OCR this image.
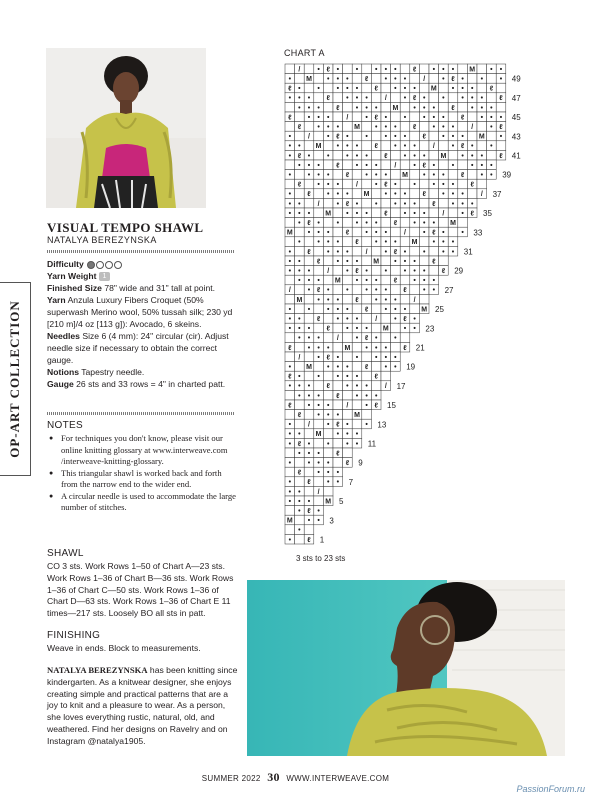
OP-ART COLLECTION
VISUAL TEMPO SHAWL
NATALYA BEREZYNSKA
Difficulty
Yarn Weight 1
Finished Size 78" wide and 31" tall at point.
Yarn Anzula Luxury Fibers Croquet (50% superwash Merino wool, 50% tussah silk; 230 yd [210 m]/4 oz [113 g]): Avocado, 6 skeins.
Needles Size 6 (4 mm): 24" circular (cir). Adjust needle size if necessary to obtain the correct gauge.
Notions Tapestry needle.
Gauge 26 sts and 33 rows = 4" in charted patt.
NOTES
● For techniques you don't know, please visit our online knitting glossary at www.interweave.com /interweave-knitting-glossary.
● This triangular shawl is worked back and forth from the narrow end to the wider end.
● A circular needle is used to accommodate the large number of stitches.
SHAWL
CO 3 sts. Work Rows 1–50 of Chart A—23 sts. Work Rows 1–36 of Chart B—36 sts. Work Rows 1–36 of Chart C—50 sts. Work Rows 1–36 of Chart D—63 sts. Work Rows 1–36 of Chart E 11 times—217 sts. Loosely BO all sts in patt.
FINISHING
Weave in ends. Block to measurements.
NATALYA BEREZYNSKA has been knitting since kindergarten. As a knitwear designer, she enjoys creating simple and practical patterns that are a joy to knit and a pleasure to wear. As a person, she loves everything rustic, natural, old, and weathered. Find her designs on Ravelry and on Instagram @natalya1905.
CHART A
/ • ℓ • • • • • ℓ • • • M • •
• M • • • ℓ • • • / • ℓ • • • 49
ℓ • • • • • ℓ • • • M • • • ℓ
• • • ℓ • • • / • ℓ • • • • • ℓ 47
• • • ℓ • • • M • • • ℓ • • •
ℓ • • • / • ℓ • • • • • ℓ • • • 45
ℓ • • • M • • • ℓ • • • / • ℓ
• / • ℓ • • • • • ℓ • • • M • 43
• • M • • • ℓ • • • / • ℓ • •
• ℓ • • • • • ℓ • • • M • • • ℓ 41
• • • ℓ • • • / • ℓ • • • • •
• • • • ℓ • • • M • • • ℓ • • 39
ℓ • • • / • ℓ • • • • • ℓ
• ℓ • • • M • • • ℓ • • • / 37
• • / • ℓ • • • • • ℓ • • •
• • • M • • • ℓ • • • / • ℓ 35
• ℓ • • • • • ℓ • • • M
M • • • ℓ • • • / • ℓ • • 33
• • • • ℓ • • • M • • •
• ℓ • • • / • ℓ • • • • 31
• • ℓ • • • M • • • ℓ
• • • / • ℓ • • • • • ℓ 29
• • • M • • • ℓ • • •
/ • ℓ • • • • • ℓ • • 27
M • • • ℓ • • • /
• • • • • ℓ • • • M 25
• • ℓ • • • / • ℓ •
• • • ℓ • • • M • • 23
• • • / • ℓ • •
ℓ • • • M • • • ℓ 21
/ • ℓ • • • • •
• M • • • ℓ • • 19
ℓ • • • • • ℓ
• • • ℓ • • • / 17
• • • ℓ • • •
ℓ • • • / • ℓ 15
ℓ • • • M
• / • ℓ • • 13
• • M • • •
• ℓ • • • • 11
• • • ℓ
• • • • ℓ 9
ℓ • • •
• ℓ • • 7
• • /
• • • M 5
• ℓ •
M • • 3
•
• ℓ 1
3 sts to 23 sts
SUMMER 2022 30 WWW.INTERWEAVE.COM
PassionForum.ru
